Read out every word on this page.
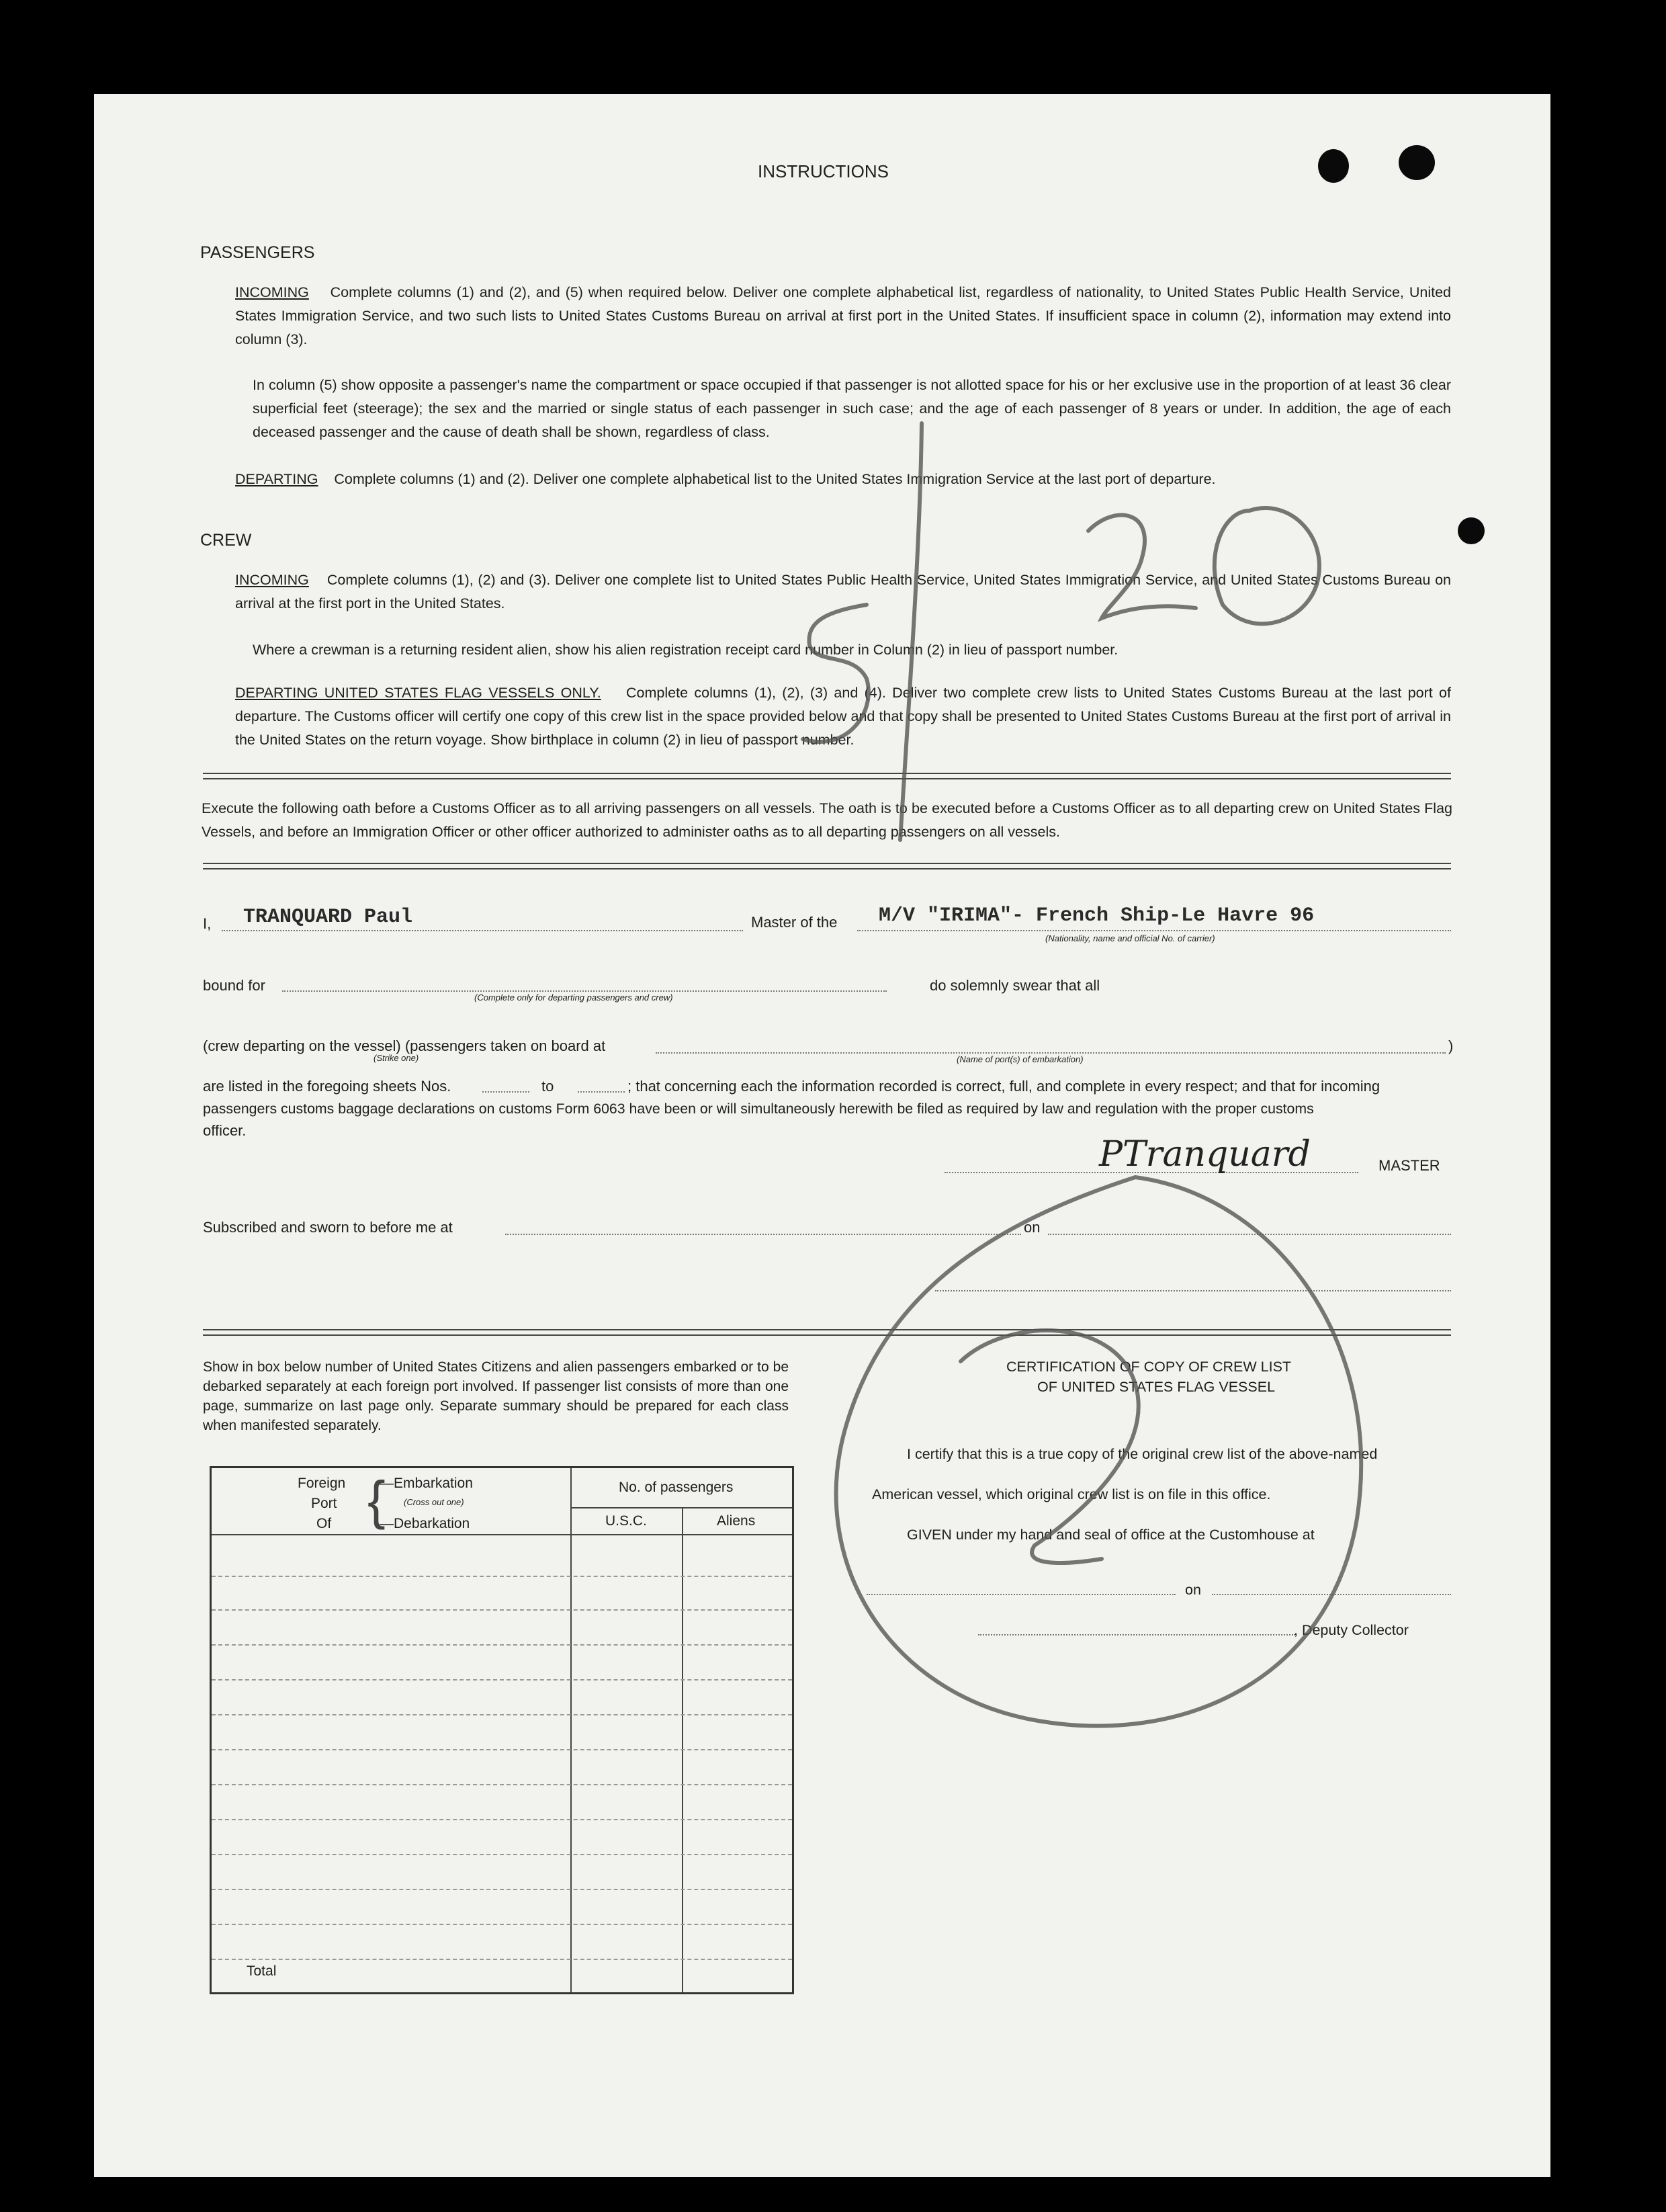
INSTRUCTIONS
PASSENGERS
INCOMING Complete columns (1) and (2), and (5) when required below. Deliver one complete alphabetical list, regardless of nationality, to United States Public Health Service, United States Immigration Service, and two such lists to United States Customs Bureau on arrival at first port in the United States. If insufficient space in column (2), information may extend into column (3).
In column (5) show opposite a passenger's name the compartment or space occupied if that passenger is not allotted space for his or her exclusive use in the proportion of at least 36 clear superficial feet (steerage); the sex and the married or single status of each passenger in such case; and the age of each passenger of 8 years or under. In addition, the age of each deceased passenger and the cause of death shall be shown, regardless of class.
DEPARTING Complete columns (1) and (2). Deliver one complete alphabetical list to the United States Immigration Service at the last port of departure.
CREW
INCOMING Complete columns (1), (2) and (3). Deliver one complete list to United States Public Health Service, United States Immigration Service, and United States Customs Bureau on arrival at the first port in the United States.
Where a crewman is a returning resident alien, show his alien registration receipt card number in Column (2) in lieu of passport number.
DEPARTING UNITED STATES FLAG VESSELS ONLY. Complete columns (1), (2), (3) and (4). Deliver two complete crew lists to United States Customs Bureau at the last port of departure. The Customs officer will certify one copy of this crew list in the space provided below and that copy shall be presented to United States Customs Bureau at the first port of arrival in the United States on the return voyage. Show birthplace in column (2) in lieu of passport number.
Execute the following oath before a Customs Officer as to all arriving passengers on all vessels. The oath is to be executed before a Customs Officer as to all departing crew on United States Flag Vessels, and before an Immigration Officer or other officer authorized to administer oaths as to all departing passengers on all vessels.
I, TRANQUARD Paul	Master of the M/V "IRIMA"- French Ship-Le Havre 96
(Nationality, name and official No. of carrier)
bound for
(Complete only for departing passengers and crew)
do solemnly swear that all
(crew departing on the vessel) (passengers taken on board at
(Strike one)	(Name of port(s) of embarkation)
)
are listed in the foregoing sheets Nos.	to	; that concerning each the information recorded is correct, full, and complete in every respect; and that for incoming
passengers customs baggage declarations on customs Form 6063 have been or will simultaneously herewith be filed as required by law and regulation with the proper customs
officer.
PTranquard	MASTER
Subscribed and sworn to before me at	on
Show in box below number of United States Citizens and alien passengers embarked or to be debarked separately at each foreign port involved. If passenger list consists of more than one page, summarize on last page only. Separate summary should be prepared for each class when manifested separately.
Foreign
Port
Of {
—Embarkation
(Cross out one)
—Debarkation
No. of passengers
U.S.C.	Aliens
Total
CERTIFICATION OF COPY OF CREW LIST
OF UNITED STATES FLAG VESSEL
I certify that this is a true copy of the original crew list of the above-named
American vessel, which original crew list is on file in this office.
GIVEN under my hand and seal of office at the Customhouse at
on
, Deputy Collector
